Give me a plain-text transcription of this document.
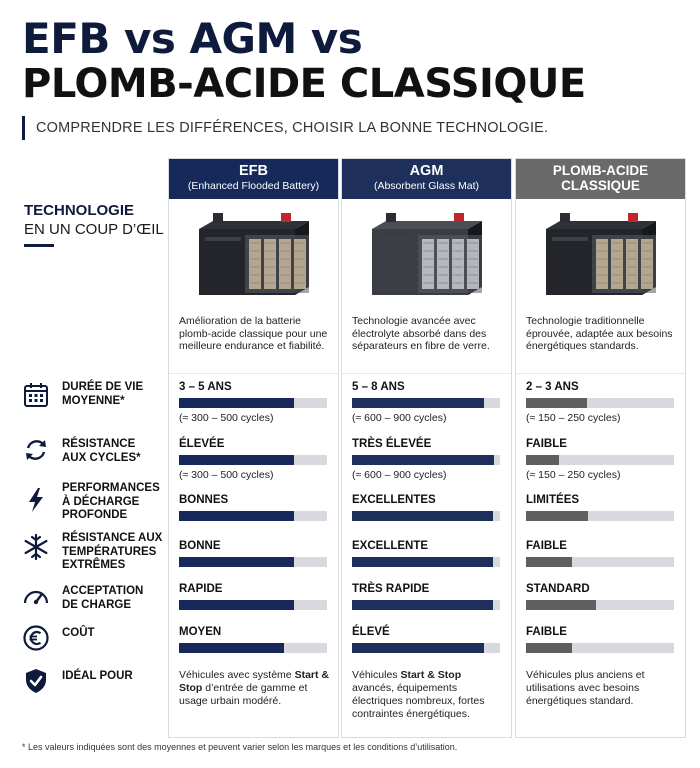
EFB vs AGM vs
PLOMB-ACIDE CLASSIQUE
COMPRENDRE LES DIFFÉRENCES, CHOISIR LA BONNE TECHNOLOGIE.
TECHNOLOGIE
EN UN COUP D’ŒIL
DURÉE DE VIE
MOYENNE*
RÉSISTANCE
AUX CYCLES*
PERFORMANCES
À DÉCHARGE
PROFONDE
RÉSISTANCE AUX
TEMPÉRATURES
EXTRÊMES
ACCEPTATION
DE CHARGE
COÛT
IDÉAL POUR
EFB
(Enhanced Flooded Battery)
Amélioration de la batterie plomb-acide classique pour une meilleure endurance et fiabilité.
3 – 5 ANS
(≈ 300 – 500 cycles)
ÉLEVÉE
(≈ 300 – 500 cycles)
BONNES
BONNE
RAPIDE
MOYEN
Véhicules avec système Start & Stop d’entrée de gamme et usage urbain modéré.
AGM
(Absorbent Glass Mat)
Technologie avancée avec électrolyte absorbé dans des séparateurs en fibre de verre.
5 – 8 ANS
(≈ 600 – 900 cycles)
TRÈS ÉLEVÉE
(≈ 600 – 900 cycles)
EXCELLENTES
EXCELLENTE
TRÈS RAPIDE
ÉLEVÉ
Véhicules Start & Stop avancés, équipements électriques nombreux, fortes contraintes énergétiques.
PLOMB-ACIDE
CLASSIQUE
Technologie traditionnelle éprouvée, adaptée aux besoins énergétiques standards.
2 – 3 ANS
(≈ 150 – 250 cycles)
FAIBLE
(≈ 150 – 250 cycles)
LIMITÉES
FAIBLE
STANDARD
FAIBLE
Véhicules plus anciens et utilisations avec besoins énergétiques standard.
* Les valeurs indiquées sont des moyennes et peuvent varier selon les marques et les conditions d’utilisation.
